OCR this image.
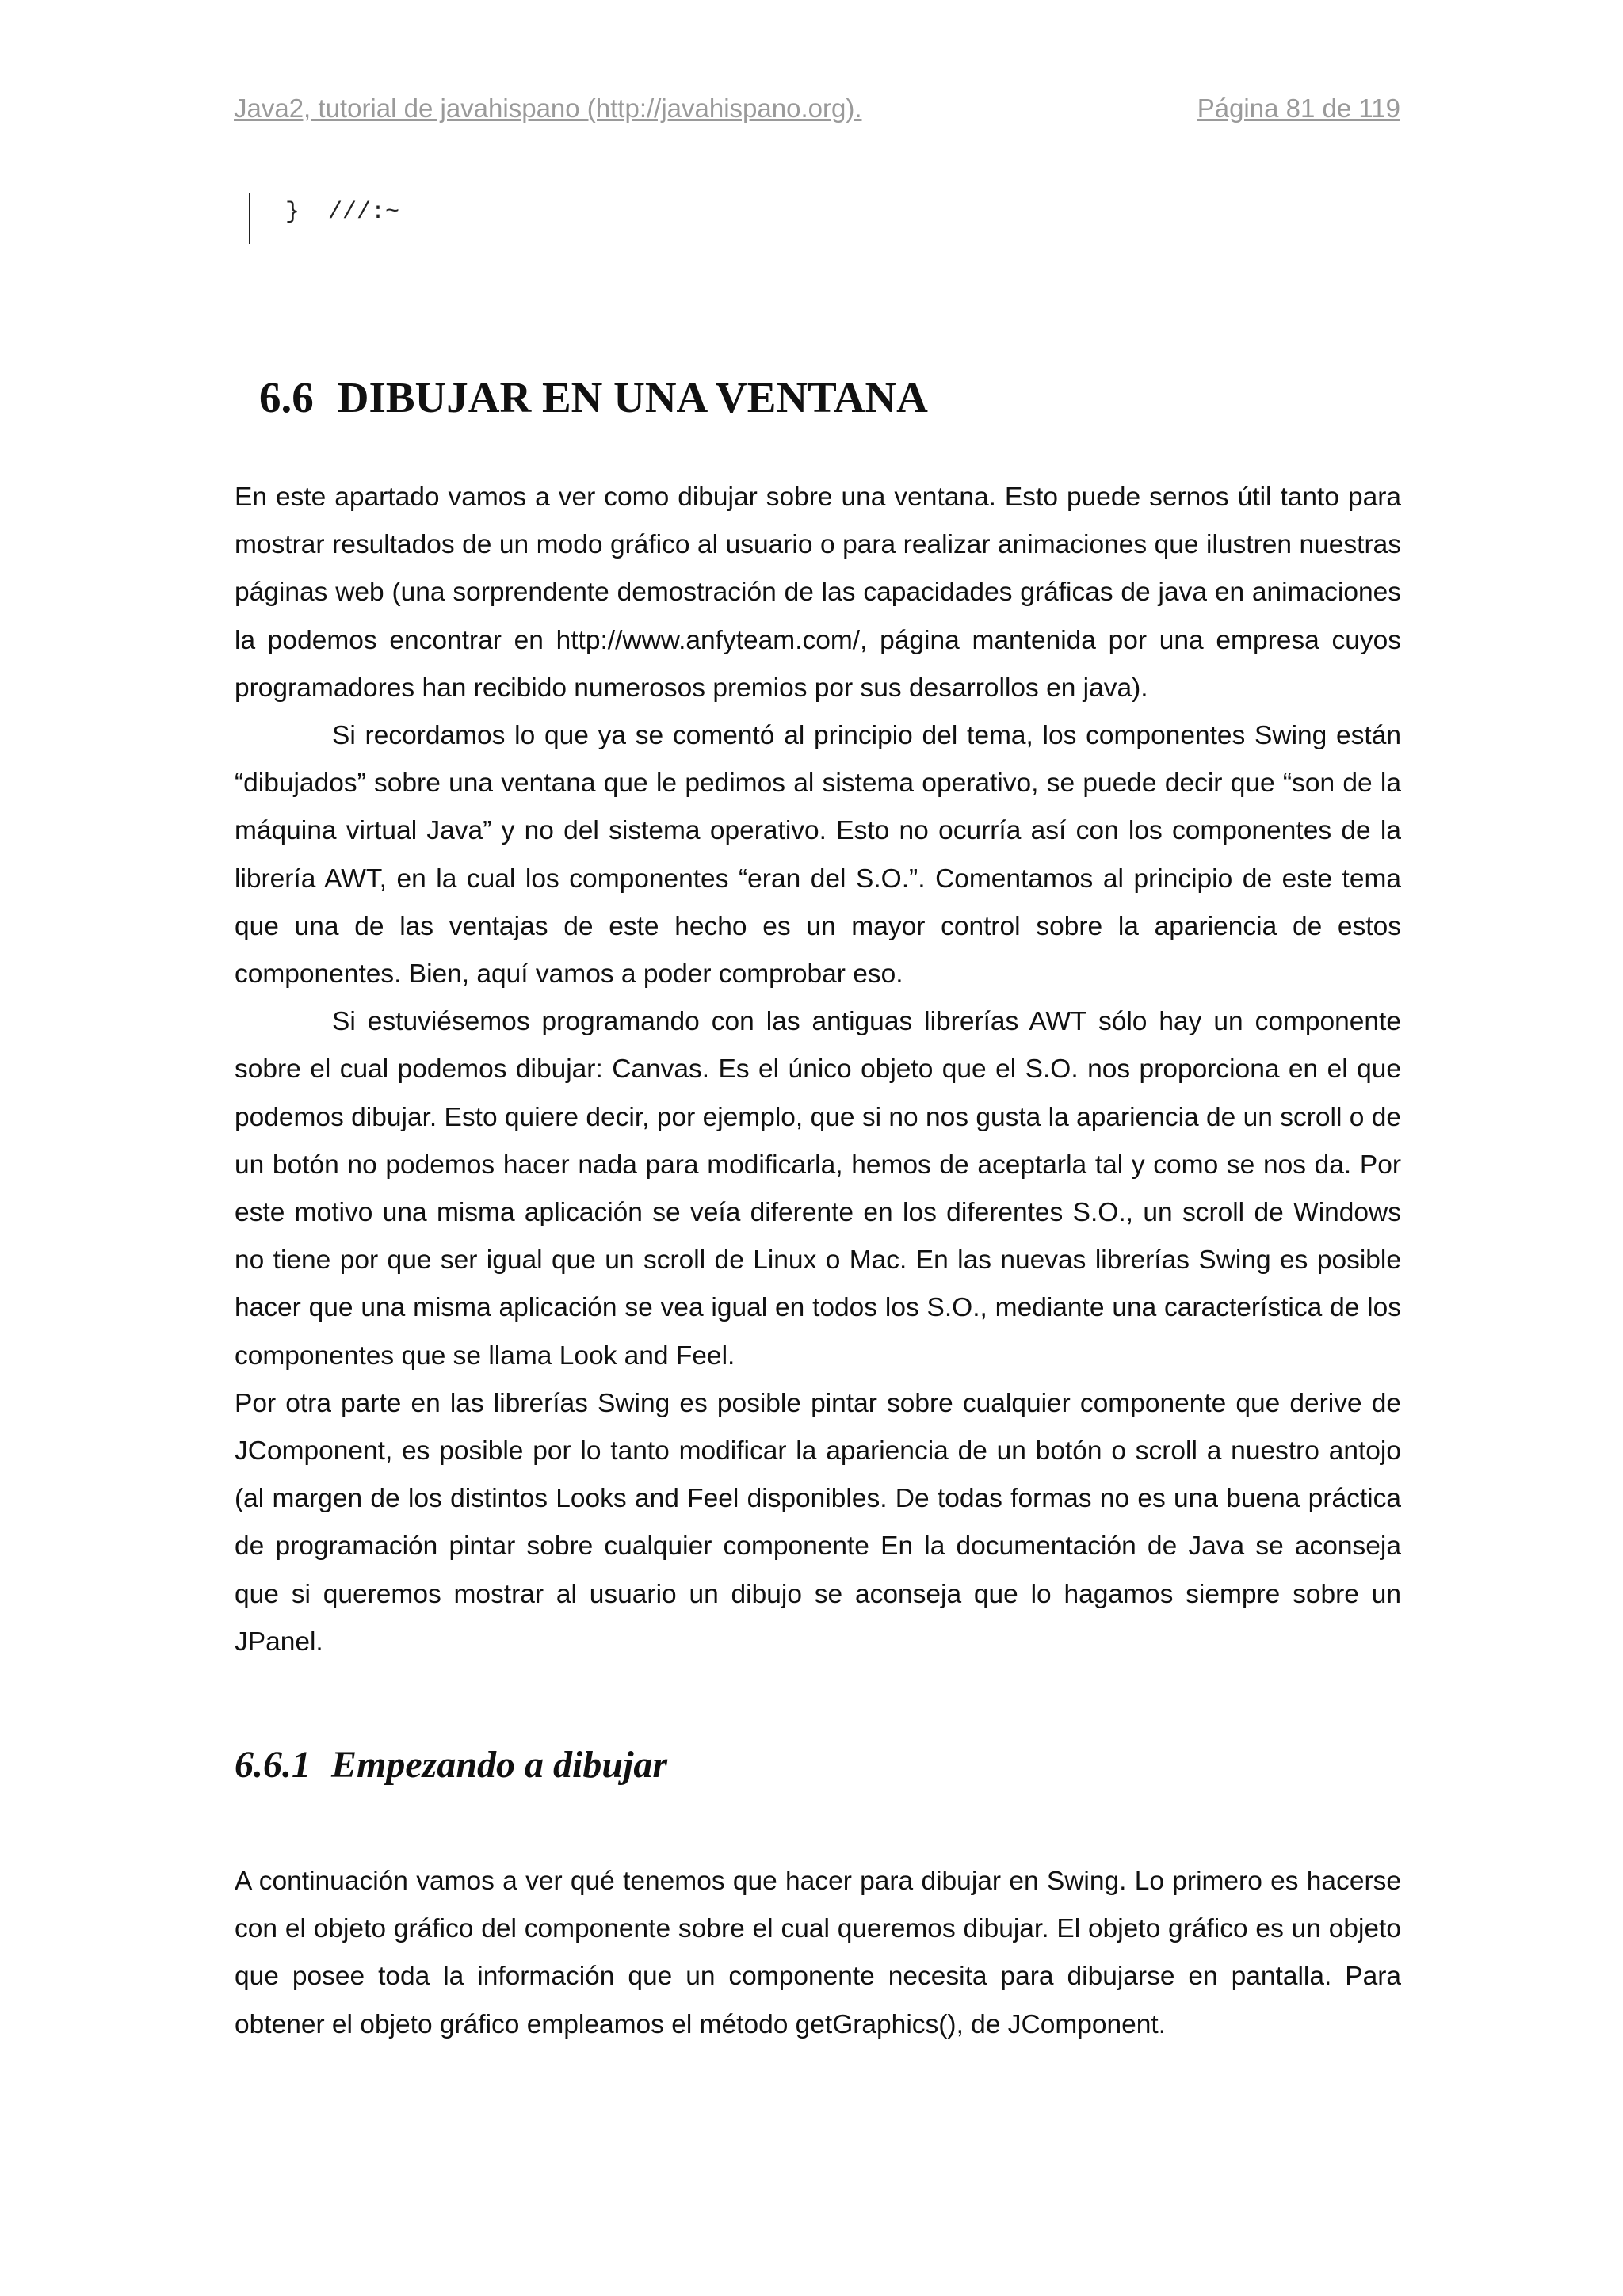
Java2, tutorial de javahispano (http://javahispano.org).	Página 81 de 119
}  ///:~
6.6 DIBUJAR EN UNA VENTANA

En este apartado vamos a ver como dibujar sobre una ventana. Esto puede sernos útil tanto para mostrar resultados de un modo gráfico al usuario o para realizar animaciones que ilustren nuestras páginas web (una sorprendente demostración de las capacidades gráficas de java en animaciones la podemos encontrar en http://www.anfyteam.com/, página mantenida por una empresa cuyos programadores han recibido numerosos premios por sus desarrollos en java).

Si recordamos lo que ya se comentó al principio del tema, los componentes Swing están “dibujados” sobre una ventana que le pedimos al sistema operativo, se puede decir que “son de la máquina virtual Java” y no del sistema operativo. Esto no ocurría así con los componentes de la librería AWT, en la cual los componentes “eran del S.O.”. Comentamos al principio de este tema que una de las ventajas de este hecho es un mayor control sobre la apariencia de estos componentes. Bien, aquí vamos a poder comprobar eso.

Si estuviésemos programando con las antiguas librerías AWT sólo hay un componente sobre el cual podemos dibujar: Canvas. Es el único objeto que el S.O. nos proporciona en el que podemos dibujar. Esto quiere decir, por ejemplo, que si no nos gusta la apariencia de un scroll o de un botón no podemos hacer nada para modificarla, hemos de aceptarla tal y como se nos da. Por este motivo una misma aplicación se veía diferente en los diferentes S.O., un scroll de Windows no tiene por que ser igual que un scroll de Linux o Mac. En las nuevas librerías Swing es posible hacer que una misma aplicación se vea igual en todos los S.O., mediante una característica de los componentes que se llama Look and Feel.

Por otra parte en las librerías Swing es posible pintar sobre cualquier componente que derive de JComponent, es posible por lo tanto modificar la apariencia de un botón o scroll a nuestro antojo (al margen de los distintos Looks and Feel disponibles. De todas formas no es una buena práctica de programación pintar sobre cualquier componente En la documentación de Java se aconseja que si queremos mostrar al usuario un dibujo se aconseja que lo hagamos siempre sobre un JPanel.

6.6.1 Empezando a dibujar

A continuación vamos a ver qué tenemos que hacer para dibujar en Swing. Lo primero es hacerse con el objeto gráfico del componente sobre el cual queremos dibujar. El objeto gráfico es un objeto que posee toda la información que un componente necesita para dibujarse en pantalla. Para obtener el objeto gráfico empleamos el método getGraphics(), de JComponent.
